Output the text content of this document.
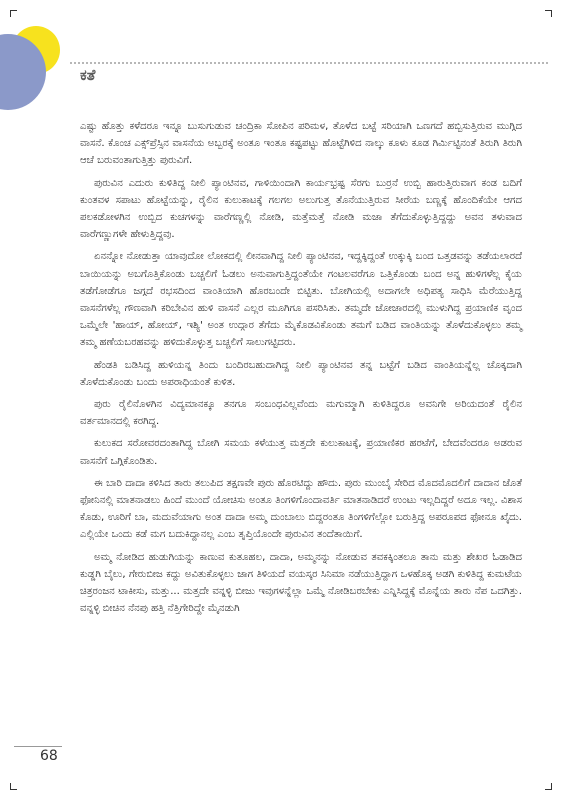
ಕತೆ

ಎಷ್ಟು ಹೊತ್ತು ಕಳೆದರೂ ಇನ್ನೂ ಬುಸುಗುಡುವ ಚಂದ್ರಿಕಾ ಸೋಪಿನ ಪರಿಮಳ, ತೊಳೆದ ಬಟ್ಟೆ ಸರಿಯಾಗಿ ಒಣಗದೆ ಹಬ್ಬಿಸುತ್ತಿರುವ ಮುಗ್ಗಿದ ವಾಸನೆ. ಕೊಂಚ ಎಕ್ಸ್‌ಪ್ರೆಸ್ಸಿನ ವಾಸನೆಯ ಅಬ್ಬರಕ್ಕೆ ಅಂತೂ ಇಂತೂ ಕಷ್ಟಪಟ್ಟು ಹೊಟ್ಟೆಗಿಳಿದ ನಾಲ್ಕು ಕೂಳು ಕೂಡ ಗಿರ್ಮಿಟ್ಟಿನಂತೆ ತಿರುಗಿ ತಿರುಗಿ ಆಚೆ ಬರುವಂತಾಗುತ್ತಿತ್ತು ಪುರುವಿಗೆ.

ಪುರುವಿನ ಎದುರು ಕುಳಿತಿದ್ದ ನೀಲಿ ಪ್ಯಾಂಟಿನವ, ಗಾಳಿಯಿಂದಾಗಿ ಕಾರ್ಯಭ್ರಷ್ಟ ಸೆರಗು ಬುರ್ರನೆ ಉಬ್ಬಿ ಹಾರುತ್ತಿರುವಾಗ ಕಂಡ ಬದಿಗೆ ಕುಂತವಳ ಸಪಾಟು ಹೊಟ್ಟೆಯನ್ನು, ರೈಲಿನ ಕುಲುಕಾಟಕ್ಕೆ ಗಲಗಲ ಅಲುಗುತ್ತ ತೊನೆಯುತ್ತಿರುವ ಸೀರೆಯ ಬಣ್ಣಕ್ಕೆ ಹೊಂದಿಕೆಯೇ ಆಗದ ಪಲಕಡೋಳಗಿನ ಉಬ್ಬಿದ ಕುಚಗಳನ್ನು ವಾರೆಗಣ್ಣಲ್ಲಿ ನೋಡಿ, ಮತ್ತೆಮತ್ತೆ ನೋಡಿ ಮಜಾ ತೆಗೆದುಕೊಳ್ಳುತ್ತಿದ್ದದ್ದು ಅವನ ತಳುವಾದ ವಾರೆಗಣ್ಣುಗಳೇ ಹೇಳುತ್ತಿದ್ದವು.

ಏನನ್ನೋ ನೋಡುತ್ತಾ ಯಾವುದೋ ಲೋಕದಲ್ಲಿ ಲೀನವಾಗಿದ್ದ ನೀಲಿ ಪ್ಯಾಂಟಿನವ, ಇದ್ದಕ್ಕಿದ್ದಂತೆ ಉಕ್ಕುಕ್ಕಿ ಬಂದ ಒತ್ತಡವನ್ನು ತಡೆಯಲಾರದೆ ಬಾಯಿಯನ್ನು ಅಬಗೊತ್ತಿಕೊಂಡು ಬಚ್ಚಲಿಗೆ ಓಡಲು ಅನುವಾಗುತ್ತಿದ್ದಂತೆಯೇ ಗಂಟಲವರೆಗೂ ಒತ್ತಿಕೊಂಡು ಬಂದ ಅನ್ನ ಹುಳಿಗಳೆಲ್ಲ ಕೈಯ ತಡೆಗೋಡೆಗೂ ಜಗ್ಗದೆ ರಭಸದಿಂದ ವಾಂತಿಯಾಗಿ ಹೊರಬಂದೇ ಬಿಟ್ಟಿತು. ಬೋಗಿಯಲ್ಲಿ ಅದಾಗಲೇ ಅಧಿಪತ್ಯ ಸಾಧಿಸಿ ಮೆರೆಯುತ್ತಿದ್ದ ವಾಸನೆಗಳೆಲ್ಲ ಗೌಣವಾಗಿ ಕರಿಬೇವಿನ ಹುಳಿ ವಾಸನೆ ಎಲ್ಲರ ಮೂಗಿಗೂ ಪಸರಿಸಿತು. ತಮ್ಮದೇ ಜೋಜಾರದಲ್ಲಿ ಮುಳುಗಿದ್ದ ಪ್ರಯಾಣಿಕ ವೃಂದ ಒಮ್ಮೆಲೇ 'ಹಾಯ್, ಹೋಯ್, ಇಶ್ಯಿ' ಅಂತ ಉದ್ಗಾರ ತೆಗೆದು ಮೈಕೊಡವಿಕೊಂಡು ತಮಗೆ ಬಡಿದ ವಾಂತಿಯನ್ನು ತೊಳೆದುಕೊಳ್ಳಲು ತಮ್ಮ ತಮ್ಮ ಹಣೆಯಬರಹವನ್ನು ಹಳಿದುಕೊಳ್ಳುತ್ತ ಬಚ್ಚಲಿಗೆ ಸಾಲುಗಟ್ಟಿದರು.

ಹೆಂಡತಿ ಬಡಿಸಿದ್ದ ಹುಳಿಯನ್ನ ತಿಂದು ಬಂದಿರಬಹುದಾಗಿದ್ದ ನೀಲಿ ಪ್ಯಾಂಟಿನವ ತನ್ನ ಬಟ್ಟೆಗೆ ಬಡಿದ ವಾಂತಿಯನ್ನೆಲ್ಲ ಚೊಕ್ಕದಾಗಿ ತೊಳೆದುಕೊಂಡು ಬಂದು ಅಪರಾಧಿಯಂತೆ ಕುಳಿತ.

ಪುರು ರೈಲಿನೊಳಗಿನ ವಿದ್ಯಮಾನಕ್ಕೂ ತನಗೂ ಸಂಬಂಧವಿಲ್ಲವೆಂದು ಮಗುಮ್ಮಾಗಿ ಕುಳಿತಿದ್ದರೂ ಅವನಿಗೇ ಅರಿಯದಂತೆ ರೈಲಿನ ವರ್ತಮಾನದಲ್ಲಿ ಕರಗಿದ್ದ.

ಕುಲುಕದ ಸರೋವರದಂತಾಗಿದ್ದ ಬೋಗಿ ಸಮಯ ಕಳೆಯುತ್ತ ಮತ್ತದೇ ಕುಲುಕಾಟಕ್ಕೆ, ಪ್ರಯಾಣಿಕರ ಹರಟೆಗೆ, ಬೇದವೆಂದರೂ ಅಡರುವ ವಾಸನೆಗೆ ಒಗ್ಗಿಕೊಂಡಿತು.

ಈ ಬಾರಿ ದಾದಾ ಕಳಿಸಿದ ತಾರು ತಲುಪಿದ ತಕ್ಷಣವೇ ಪುರು ಹೊರಟಿದ್ದು ಹೌದು. ಪುರು ಮುಂಬೈ ಸೇರಿದ ಮೊದಮೊದಲಿಗೆ ದಾದಾನ ಜೊತೆ ಫೋನಿನಲ್ಲಿ ಮಾತನಾಡಲು ಹಿಂದೆ ಮುಂದೆ ಯೋಚಿಸು ಅಂತೂ ತಿಂಗಳಿಗೊಂದಾವರ್ತಿ ಮಾತನಾಡಿದರೆ ಉಂಟು ಇಲ್ಲದಿದ್ದರೆ ಅದೂ ಇಲ್ಲ. ವಿಶಾಸ ಕೊಡು, ಊರಿಗೆ ಬಾ, ಮದುವೆಯಾಗು ಅಂತ ದಾದಾ ಅಮ್ಮ ದುಂಬಾಲು ಬಿದ್ದರಂತೂ ತಿಂಗಳಿಗೆಲ್ಲೋ ಬರುತ್ತಿದ್ದ ಅಪರೂಪದ ಫೋನೂ ಖೈದು. ಎಲ್ಲಿಯೇ ಒಂದು ಕಡೆ ಮಗ ಬದುಕಿದ್ದಾನಲ್ಲ ಎಂಬ ತೃಪ್ತಿಯೊಂದೇ ಪುರುವಿನ ತಂದೆತಾಯಿಗೆ.

ಅಮ್ಮ ನೋಡಿದ ಹುಡುಗಿಯನ್ನು ಕಾಣುವ ಕುತೂಹಲ, ದಾದಾ, ಅಮ್ಮನನ್ನು ನೋಡುವ ತವಕಕ್ಕಿಂತಲೂ ತಾನು ಮತ್ತು ಶೇಖರ ಓಡಾಡಿದ ಕುಡ್ಡಗಿ ಬೈಲು, ಗೇರುಬೀಜ ಕದ್ದು ಅವಿತುಕೊಳ್ಳಲು ಜಾಗ ತಿಳಿಯದೆ ವಯಸ್ಕರ ಸಿನಿಮಾ ನಡೆಯುತ್ತಿದ್ದಾಗ ಒಳಹೊಕ್ಕ ಅಡಗಿ ಕುಳಿತಿದ್ದ ಕುಮಟೆಯ ಚಿತ್ರರಂಜನ ಟಾಕೀಸು, ಮತ್ತು... ಮತ್ತದೇ ವನ್ನಳ್ಳಿ ಬೀಜು ಇವುಗಳನ್ನೆಲ್ಲಾ ಒಮ್ಮೆ ನೋಡಿಬರಬೇಕು ಎನ್ನಿಸಿದ್ದಕ್ಕೆ ಮೊನ್ನೆಯ ತಾರು ನೆಪ ಒದಗಿತ್ತು. ವನ್ನಳ್ಳಿ ಬೀಚಿನ ನೆನಪು ಹತ್ತಿ ನೆತ್ತಿಗೇರಿದ್ದೇ ಮೈನಡುಗಿ

68
